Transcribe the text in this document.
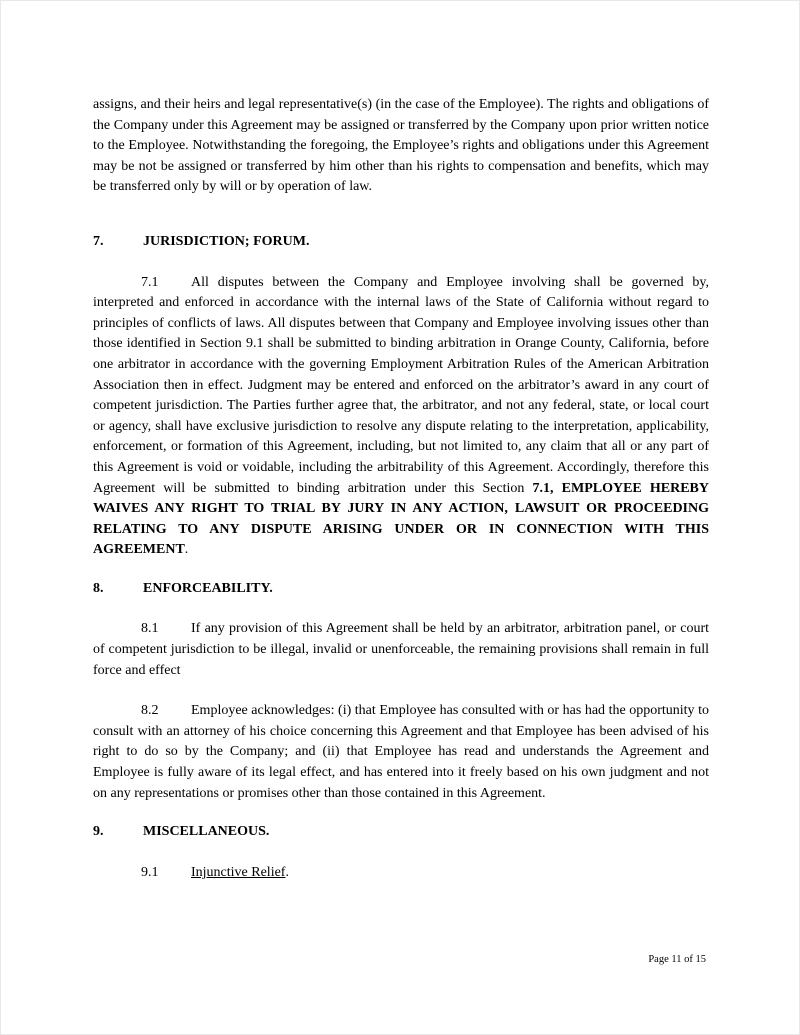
assigns, and their heirs and legal representative(s) (in the case of the Employee). The rights and obligations of the Company under this Agreement may be assigned or transferred by the Company upon prior written notice to the Employee. Notwithstanding the foregoing, the Employee’s rights and obligations under this Agreement may be not be assigned or transferred by him other than his rights to compensation and benefits, which may be transferred only by will or by operation of law.

7.	JURISDICTION; FORUM.

7.1 All disputes between the Company and Employee involving shall be governed by, interpreted and enforced in accordance with the internal laws of the State of California without regard to principles of conflicts of laws. All disputes between that Company and Employee involving issues other than those identified in Section 9.1 shall be submitted to binding arbitration in Orange County, California, before one arbitrator in accordance with the governing Employment Arbitration Rules of the American Arbitration Association then in effect. Judgment may be entered and enforced on the arbitrator’s award in any court of competent jurisdiction. The Parties further agree that, the arbitrator, and not any federal, state, or local court or agency, shall have exclusive jurisdiction to resolve any dispute relating to the interpretation, applicability, enforcement, or formation of this Agreement, including, but not limited to, any claim that all or any part of this Agreement is void or voidable, including the arbitrability of this Agreement. Accordingly, therefore this Agreement will be submitted to binding arbitration under this Section 7.1, EMPLOYEE HEREBY WAIVES ANY RIGHT TO TRIAL BY JURY IN ANY ACTION, LAWSUIT OR PROCEEDING RELATING TO ANY DISPUTE ARISING UNDER OR IN CONNECTION WITH THIS AGREEMENT.

8.	ENFORCEABILITY.

8.1 If any provision of this Agreement shall be held by an arbitrator, arbitration panel, or court of competent jurisdiction to be illegal, invalid or unenforceable, the remaining provisions shall remain in full force and effect

8.2 Employee acknowledges: (i) that Employee has consulted with or has had the opportunity to consult with an attorney of his choice concerning this Agreement and that Employee has been advised of his right to do so by the Company; and (ii) that Employee has read and understands the Agreement and Employee is fully aware of its legal effect, and has entered into it freely based on his own judgment and not on any representations or promises other than those contained in this Agreement.

9.	MISCELLANEOUS.

9.1 Injunctive Relief.

Page 11 of 15
